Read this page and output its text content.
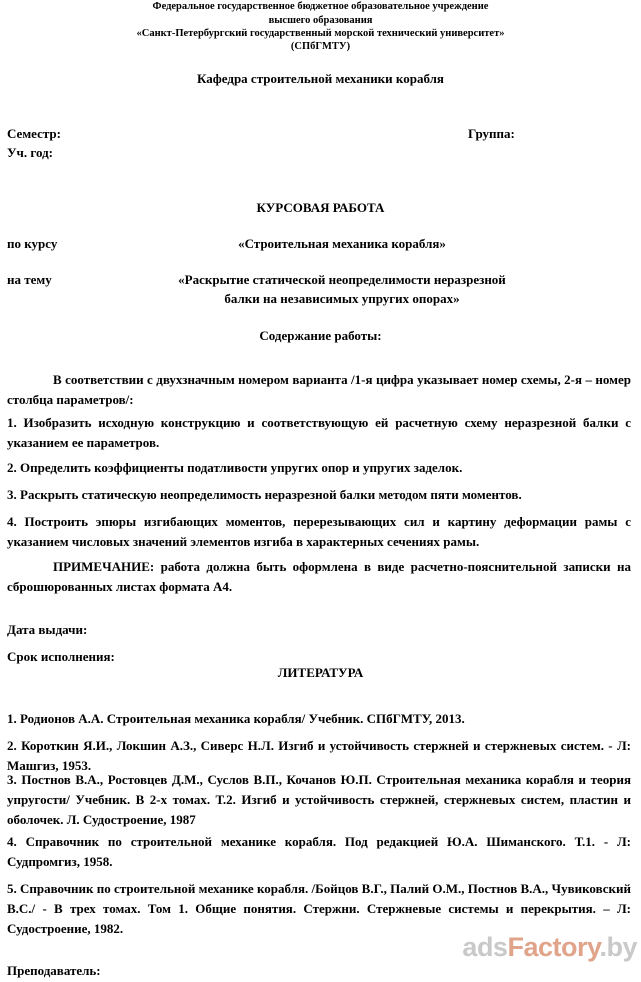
Федеральное государственное бюджетное образовательное учреждение
высшего образования
«Санкт-Петербургский государственный морской технический университет»
(СПбГМТУ)
Кафедра строительной механики корабля
Семестр:	Группа:
Уч. год:
КУРСОВАЯ РАБОТА
по курсу	«Строительная механика корабля»
на тему	«Раскрытие статической неопределимости неразрезной
балки на независимых упругих опорах»
Содержание работы:
В соответствии с двухзначным номером варианта /1-я цифра указывает номер схемы, 2-я – номер столбца параметров/:
1. Изобразить исходную конструкцию и соответствующую ей расчетную схему неразрезной балки с указанием ее параметров.
2. Определить коэффициенты податливости упругих опор и упругих заделок.
3. Раскрыть статическую неопределимость неразрезной балки методом пяти моментов.
4. Построить эпюры изгибающих моментов, перерезывающих сил и картину деформации рамы с указанием числовых значений элементов изгиба в характерных сечениях рамы.
ПРИМЕЧАНИЕ: работа должна быть оформлена в виде расчетно-пояснительной записки на сброшюрованных листах формата А4.
Дата выдачи:
Срок исполнения:
ЛИТЕРАТУРА
1. Родионов А.А. Строительная механика корабля/ Учебник. СПбГМТУ, 2013.
2. Короткин Я.И., Локшин А.З., Сиверс Н.Л. Изгиб и устойчивость стержней и стержневых систем. - Л: Машгиз, 1953.
3. Постнов В.А., Ростовцев Д.М., Суслов В.П., Кочанов Ю.П. Строительная механика корабля и теория упругости/ Учебник. В 2-х томах. Т.2. Изгиб и устойчивость стержней, стержневых систем, пластин и оболочек. Л. Судостроение, 1987
4. Справочник по строительной механике корабля. Под редакцией Ю.А. Шиманского. Т.1. - Л: Судпромгиз, 1958.
5. Справочник по строительной механике корабля. /Бойцов В.Г., Палий О.М., Постнов В.А., Чувиковский В.С./ - В трех томах. Том 1. Общие понятия. Стержни. Стержневые системы и перекрытия. – Л: Судостроение, 1982.
Преподаватель:
adsFactory.by
